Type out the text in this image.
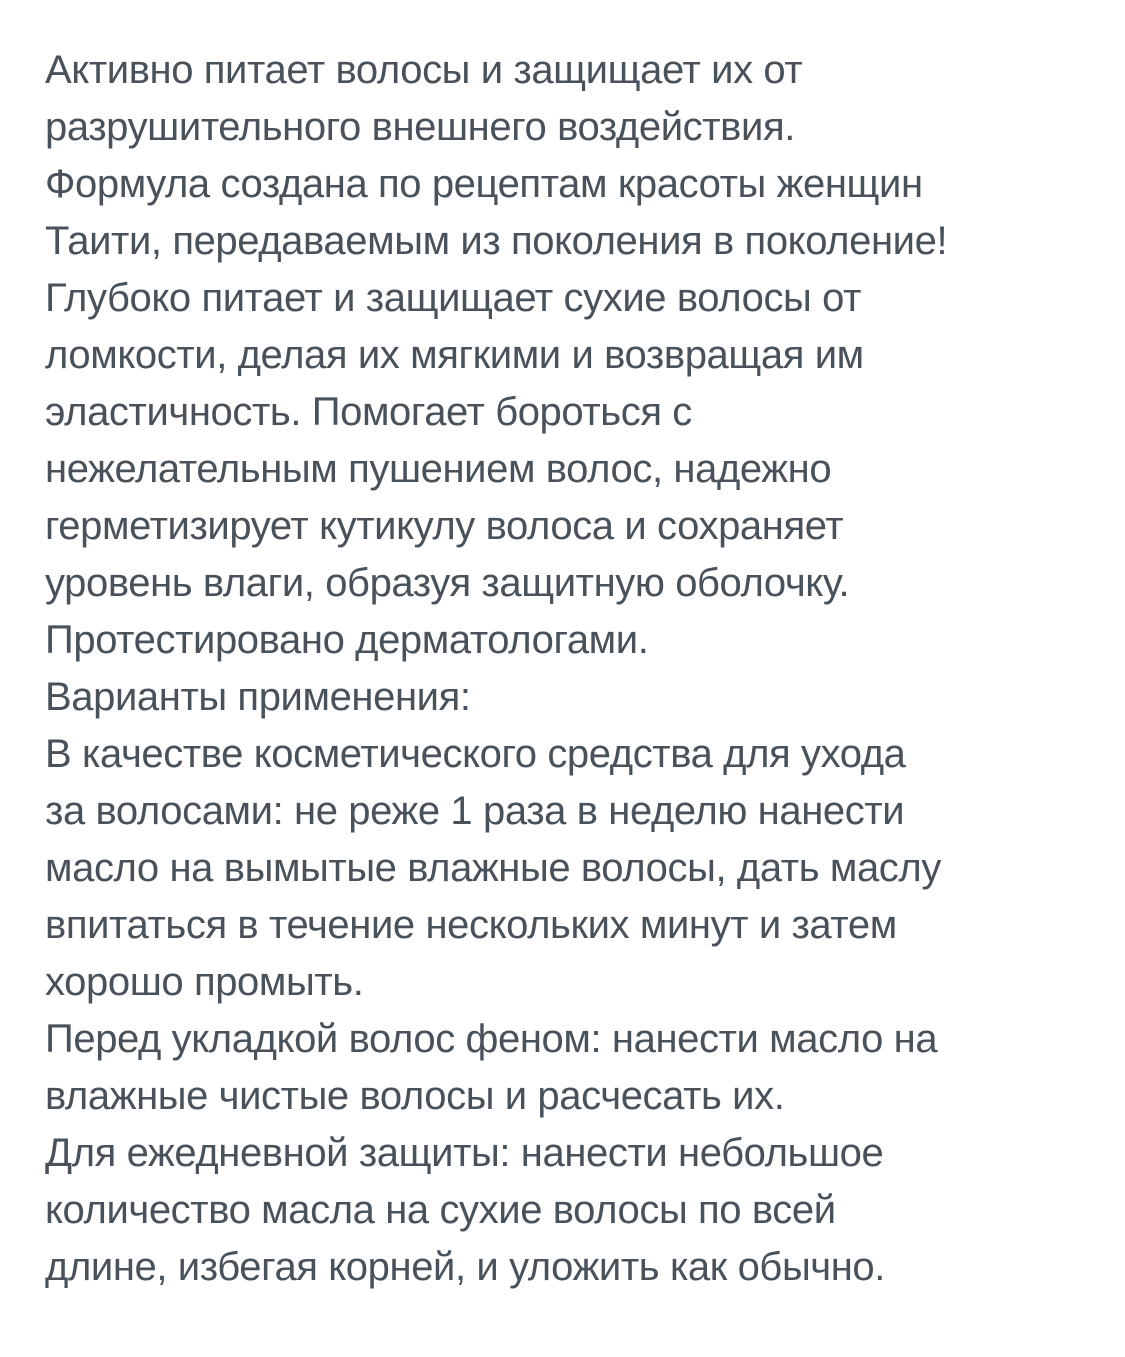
Активно питает волосы и защищает их от
разрушительного внешнего воздействия.
Формула создана по рецептам красоты женщин
Таити, передаваемым из поколения в поколение!
Глубоко питает и защищает сухие волосы от
ломкости, делая их мягкими и возвращая им
эластичность. Помогает бороться с
нежелательным пушением волос, надежно
герметизирует кутикулу волоса и сохраняет
уровень влаги, образуя защитную оболочку.
Протестировано дерматологами.

Варианты применения:

В качестве косметического средства для ухода
за волосами: не реже 1 раза в неделю нанести
масло на вымытые влажные волосы, дать маслу
впитаться в течение нескольких минут и затем
хорошо промыть.

Перед укладкой волос феном: нанести масло на
влажные чистые волосы и расчесать их.

Для ежедневной защиты: нанести небольшое
количество масла на сухие волосы по всей
длине, избегая корней, и уложить как обычно.
